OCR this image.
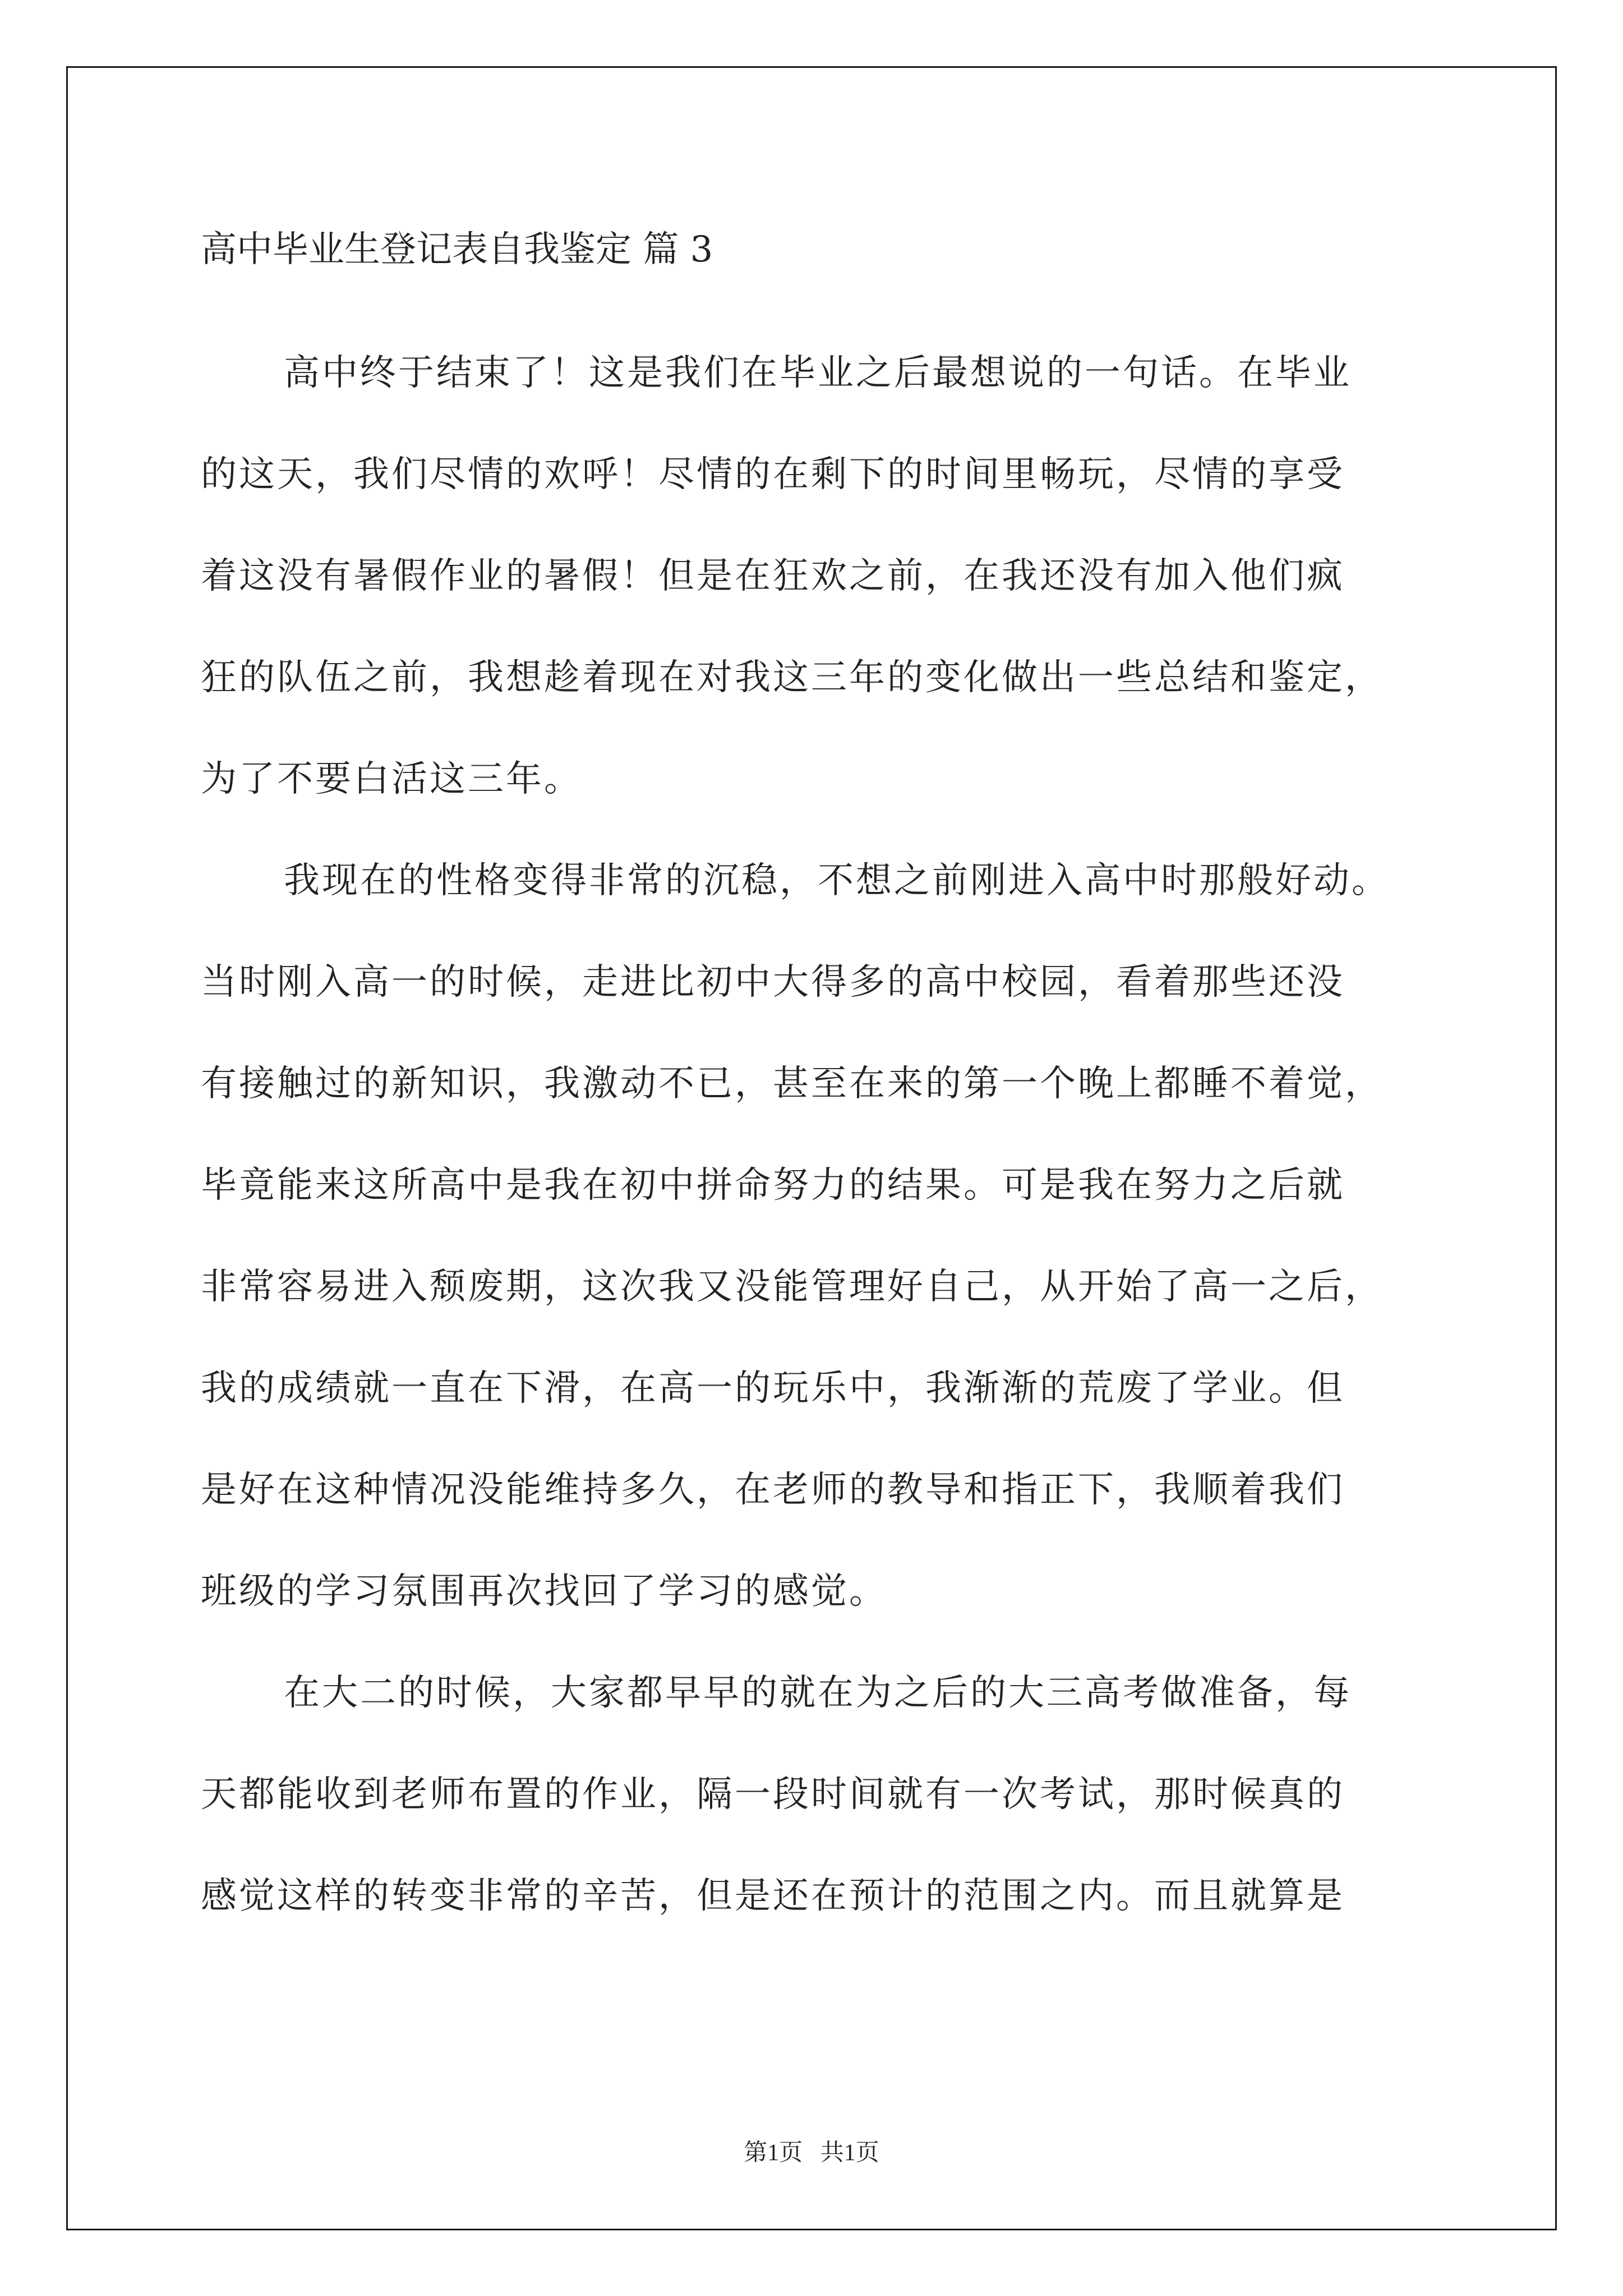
高中毕业生登记表自我鉴定 篇 3

高中终于结束了！这是我们在毕业之后最想说的一句话。在毕业
的这天，我们尽情的欢呼！尽情的在剩下的时间里畅玩，尽情的享受
着这没有暑假作业的暑假！但是在狂欢之前，在我还没有加入他们疯
狂的队伍之前，我想趁着现在对我这三年的变化做出一些总结和鉴定，
为了不要白活这三年。

我现在的性格变得非常的沉稳，不想之前刚进入高中时那般好动。
当时刚入高一的时候，走进比初中大得多的高中校园，看着那些还没
有接触过的新知识，我激动不已，甚至在来的第一个晚上都睡不着觉，
毕竟能来这所高中是我在初中拼命努力的结果。可是我在努力之后就
非常容易进入颓废期，这次我又没能管理好自己，从开始了高一之后，
我的成绩就一直在下滑，在高一的玩乐中，我渐渐的荒废了学业。但
是好在这种情况没能维持多久，在老师的教导和指正下，我顺着我们
班级的学习氛围再次找回了学习的感觉。

在大二的时候，大家都早早的就在为之后的大三高考做准备，每
天都能收到老师布置的作业，隔一段时间就有一次考试，那时候真的
感觉这样的转变非常的辛苦，但是还在预计的范围之内。而且就算是

第1页   共1页
